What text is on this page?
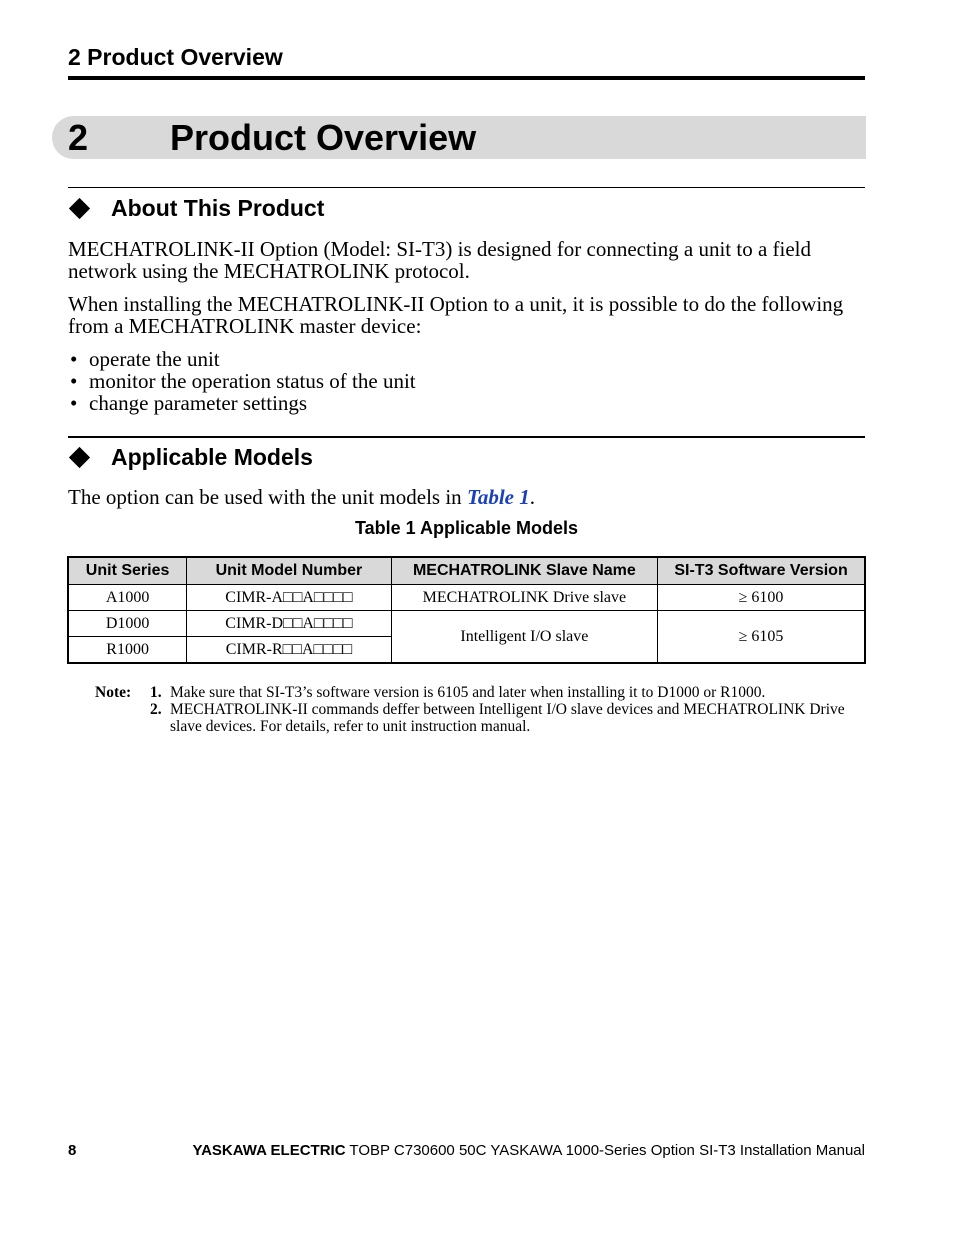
2 Product Overview
2 Product Overview
About This Product
MECHATROLINK-II Option (Model: SI-T3) is designed for connecting a unit to a field network using the MECHATROLINK protocol.
When installing the MECHATROLINK-II Option to a unit, it is possible to do the following from a MECHATROLINK master device:
• operate the unit
• monitor the operation status of the unit
• change parameter settings
Applicable Models
The option can be used with the unit models in Table 1.
Table 1 Applicable Models
Unit Series	Unit Model Number	MECHATROLINK Slave Name	SI-T3 Software Version
A1000	CIMR-A□□A□□□□	MECHATROLINK Drive slave	≥ 6100
D1000	CIMR-D□□A□□□□	Intelligent I/O slave	≥ 6105
R1000	CIMR-R□□A□□□□		
Note:	1. Make sure that SI-T3’s software version is 6105 and later when installing it to D1000 or R1000.
2. MECHATROLINK-II commands deffer between Intelligent I/O slave devices and MECHATROLINK Drive slave devices. For details, refer to unit instruction manual.
8	YASKAWA ELECTRIC TOBP C730600 50C YASKAWA 1000-Series Option SI-T3 Installation Manual
